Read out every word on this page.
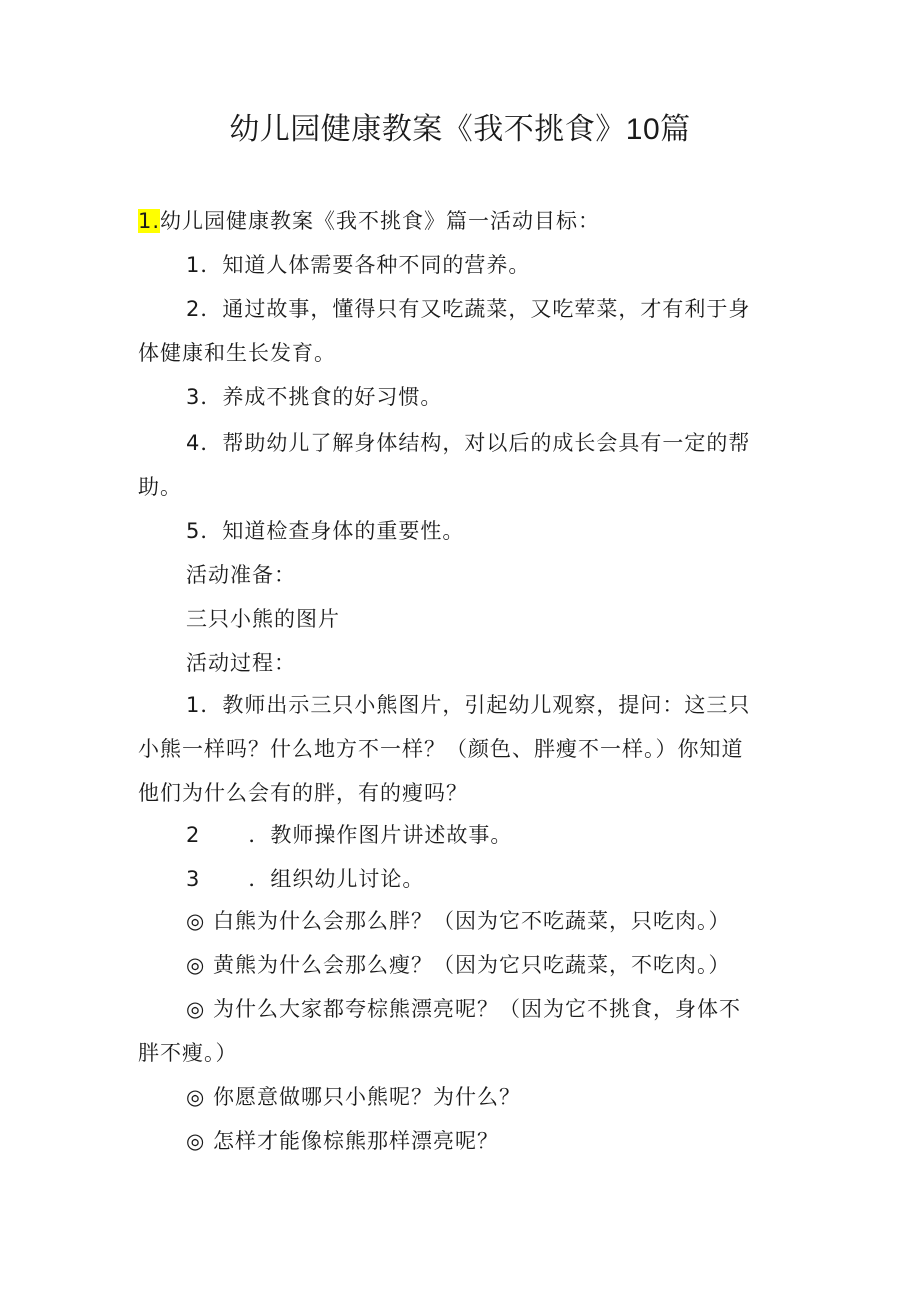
幼儿园健康教案《我不挑食》10篇
1.幼儿园健康教案《我不挑食》篇一活动目标：
1．知道人体需要各种不同的营养。
2．通过故事，懂得只有又吃蔬菜，又吃荤菜，才有利于身
体健康和生长发育。
3．养成不挑食的好习惯。
4．帮助幼儿了解身体结构，对以后的成长会具有一定的帮
助。
5．知道检查身体的重要性。
活动准备：
三只小熊的图片
活动过程：
1．教师出示三只小熊图片，引起幼儿观察，提问：这三只
小熊一样吗？什么地方不一样？（颜色、胖瘦不一样。）你知道
他们为什么会有的胖，有的瘦吗？
2 ．教师操作图片讲述故事。
3 ．组织幼儿讨论。
◎ 白熊为什么会那么胖？（因为它不吃蔬菜，只吃肉。）
◎ 黄熊为什么会那么瘦？（因为它只吃蔬菜，不吃肉。）
◎ 为什么大家都夸棕熊漂亮呢？（因为它不挑食，身体不
胖不瘦。）
◎ 你愿意做哪只小熊呢？为什么？
◎ 怎样才能像棕熊那样漂亮呢？
